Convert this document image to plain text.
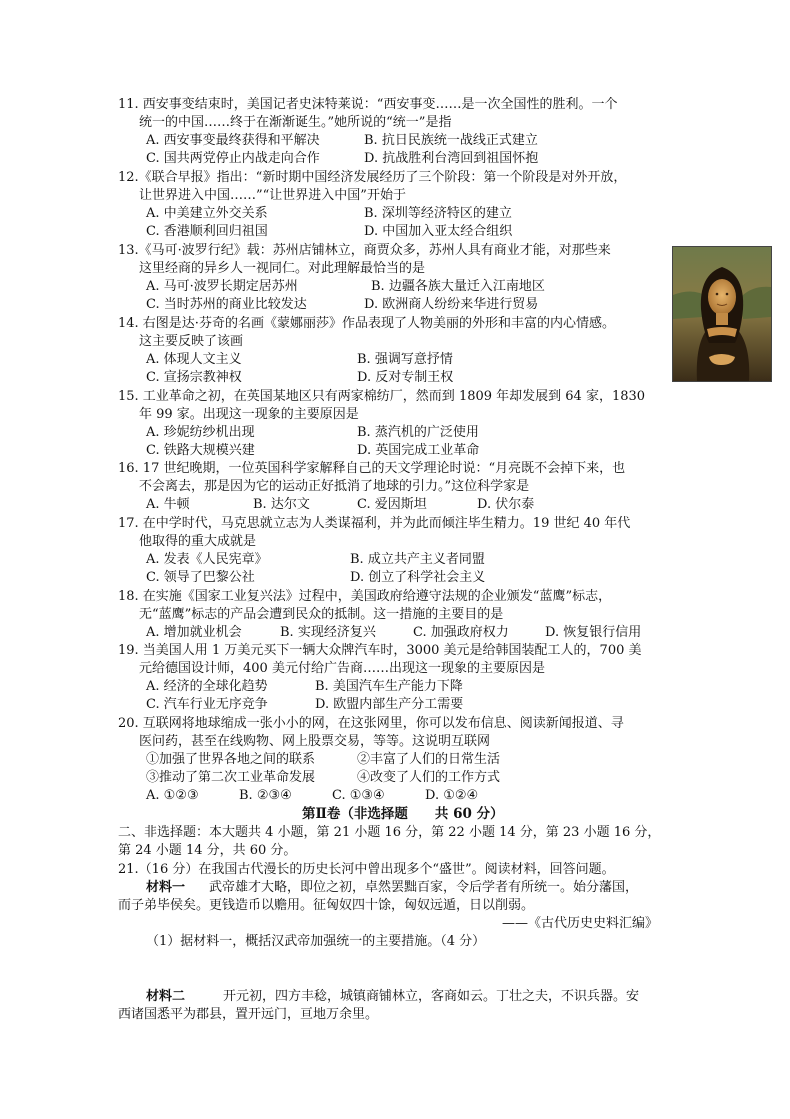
11. 西安事变结束时，美国记者史沫特莱说：“西安事变……是一次全国性的胜利。一个
统一的中国……终于在渐渐诞生。”她所说的“统一”是指
A. 西安事变最终获得和平解决	B. 抗日民族统一战线正式建立
C. 国共两党停止内战走向合作	D. 抗战胜利台湾回到祖国怀抱
12.《联合早报》指出：“新时期中国经济发展经历了三个阶段：第一个阶段是对外开放，
让世界进入中国……”“让世界进入中国”开始于
A. 中美建立外交关系	B. 深圳等经济特区的建立
C. 香港顺利回归祖国	D. 中国加入亚太经合组织
13.《马可·波罗行纪》载：苏州店铺林立，商贾众多，苏州人具有商业才能，对那些来
这里经商的异乡人一视同仁。对此理解最恰当的是
A. 马可·波罗长期定居苏州	B. 边疆各族大量迁入江南地区
C. 当时苏州的商业比较发达	D. 欧洲商人纷纷来华进行贸易
14. 右图是达·芬奇的名画《蒙娜丽莎》作品表现了人物美丽的外形和丰富的内心情感。
这主要反映了该画
A. 体现人文主义	B. 强调写意抒情
C. 宣扬宗教神权	D. 反对专制王权
15. 工业革命之初，在英国某地区只有两家棉纺厂，然而到 1809 年却发展到 64 家，1830
年 99 家。出现这一现象的主要原因是
A. 珍妮纺纱机出现	B. 蒸汽机的广泛使用
C. 铁路大规模兴建	D. 英国完成工业革命
16. 17 世纪晚期，一位英国科学家解释自己的天文学理论时说：“月亮既不会掉下来，也
不会离去，那是因为它的运动正好抵消了地球的引力。”这位科学家是
A. 牛顿	B. 达尔文	C. 爱因斯坦	D. 伏尔泰
17. 在中学时代，马克思就立志为人类谋福利，并为此而倾注毕生精力。19 世纪 40 年代
他取得的重大成就是
A. 发表《人民宪章》	B. 成立共产主义者同盟
C. 领导了巴黎公社	D. 创立了科学社会主义
18. 在实施《国家工业复兴法》过程中，美国政府给遵守法规的企业颁发“蓝鹰”标志，
无“蓝鹰”标志的产品会遭到民众的抵制。这一措施的主要目的是
A. 增加就业机会	B. 实现经济复兴	C. 加强政府权力	D. 恢复银行信用
19. 当美国人用 1 万美元买下一辆大众牌汽车时，3000 美元是给韩国装配工人的，700 美
元给德国设计师，400 美元付给广告商……出现这一现象的主要原因是
A. 经济的全球化趋势	B. 美国汽车生产能力下降
C. 汽车行业无序竞争	D. 欧盟内部生产分工需要
20. 互联网将地球缩成一张小小的网，在这张网里，你可以发布信息、阅读新闻报道、寻
医问药，甚至在线购物、网上股票交易，等等。这说明互联网
①加强了世界各地之间的联系	②丰富了人们的日常生活
③推动了第二次工业革命发展	④改变了人们的工作方式
A. ①②③	B. ②③④	C. ①③④	D. ①②④
第Ⅱ卷（非选择题　　共 60 分）
二、非选择题：本大题共 4 小题，第 21 小题 16 分，第 22 小题 14 分，第 23 小题 16 分，
第 24 小题 14 分，共 60 分。
21.（16 分）在我国古代漫长的历史长河中曾出现多个“盛世”。阅读材料，回答问题。
材料一 武帝雄才大略，即位之初，卓然罢黜百家，令后学者有所统一。始分藩国，
而子弟毕侯矣。更钱造币以赡用。征匈奴四十馀，匈奴远遁，日以削弱。
——《古代历史史料汇编》
（1）据材料一，概括汉武帝加强统一的主要措施。（4 分）
材料二	开元初，四方丰稔，城镇商铺林立，客商如云。丁壮之夫，不识兵器。安
西诸国悉平为郡县，置开远门，亘地万余里。
